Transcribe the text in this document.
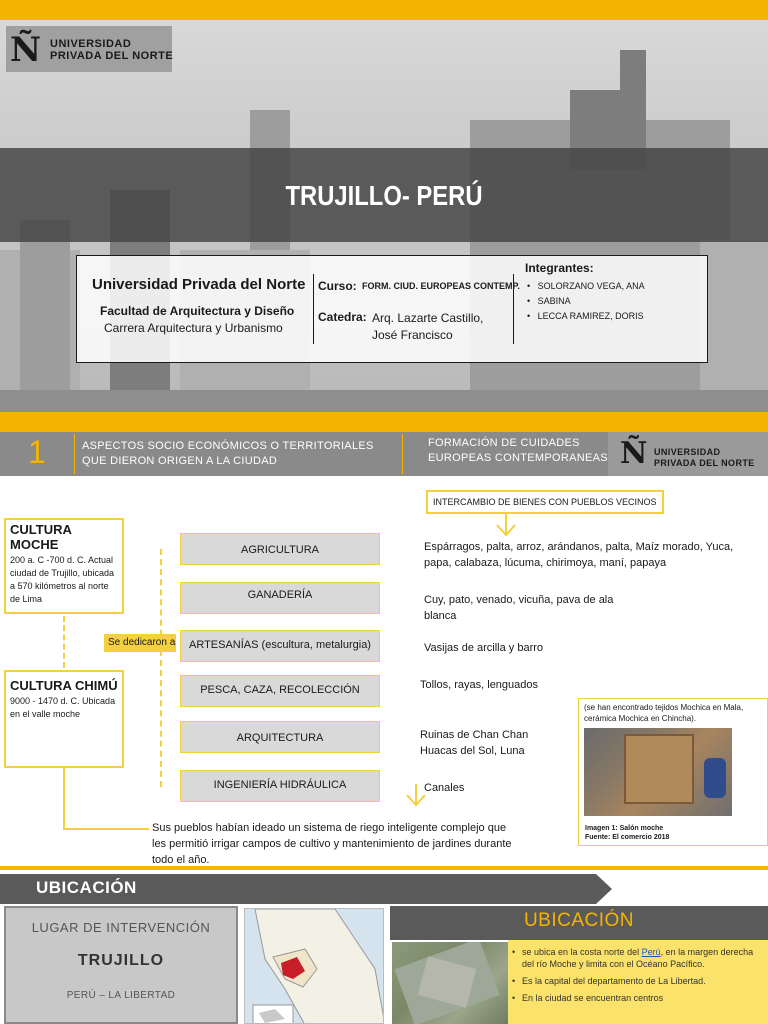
Ñ UNIVERSIDAD
PRIVADA DEL NORTE
TRUJILLO- PERÚ
Universidad Privada del Norte
Facultad de Arquitectura y Diseño
Carrera Arquitectura y Urbanismo
Curso: FORM. CIUD. EUROPEAS CONTEMP.
Catedra: Arq. Lazarte Castillo, José Francisco
Integrantes:
•   SOLORZANO VEGA, ANA
•   SABINA
•   LECCA RAMIREZ, DORIS
1	ASPECTOS SOCIO ECONÓMICOS O TERRITORIALES QUE DIERON ORIGEN A LA CIUDAD
FORMACIÓN DE CUIDADES EUROPEAS CONTEMPORANEAS Ñ UNIVERSIDAD
PRIVADA DEL NORTE
INTERCAMBIO DE BIENES CON PUEBLOS VECINOS
CULTURA MOCHE
200 a. C -700 d. C. Actual ciudad de Trujillo, ubicada a 570 kilómetros al norte de Lima
CULTURA CHIMÚ
9000 - 1470 d. C. Ubicada en el valle moche
Se dedicaron a
AGRICULTURA
GANADERÍA
ARTESANÍAS (escultura, metalurgia)
PESCA, CAZA, RECOLECCIÓN
ARQUITECTURA
INGENIERÍA HIDRÁULICA
Espárragos, palta, arroz, arándanos, palta, Maíz morado, Yuca, papa, calabaza, lúcuma, chirimoya, maní, papaya
Cuy, pato, venado, vicuña, pava de ala blanca
Vasijas de arcilla y barro
Tollos, rayas, lenguados
Ruinas de Chan Chan Huacas del Sol, Luna
Canales
Sus pueblos habían ideado un sistema de riego inteligente complejo que les permitió irrigar campos de cultivo y mantenimiento de jardines durante todo el año.
(se han encontrado tejidos Mochica en Mala, cerámica Mochica en Chincha).
Imagen 1: Salón moche
Fuente: El comercio 2018
UBICACIÓN
LUGAR DE INTERVENCIÓN
TRUJILLO
PERÚ – LA LIBERTAD
UBICACIÓN
• se ubica en la costa norte del Perú, en la margen derecha del río Moche y limita con el Océano Pacífico.
• Es la capital del departamento de La Libertad.
• En la ciudad se encuentran centros
